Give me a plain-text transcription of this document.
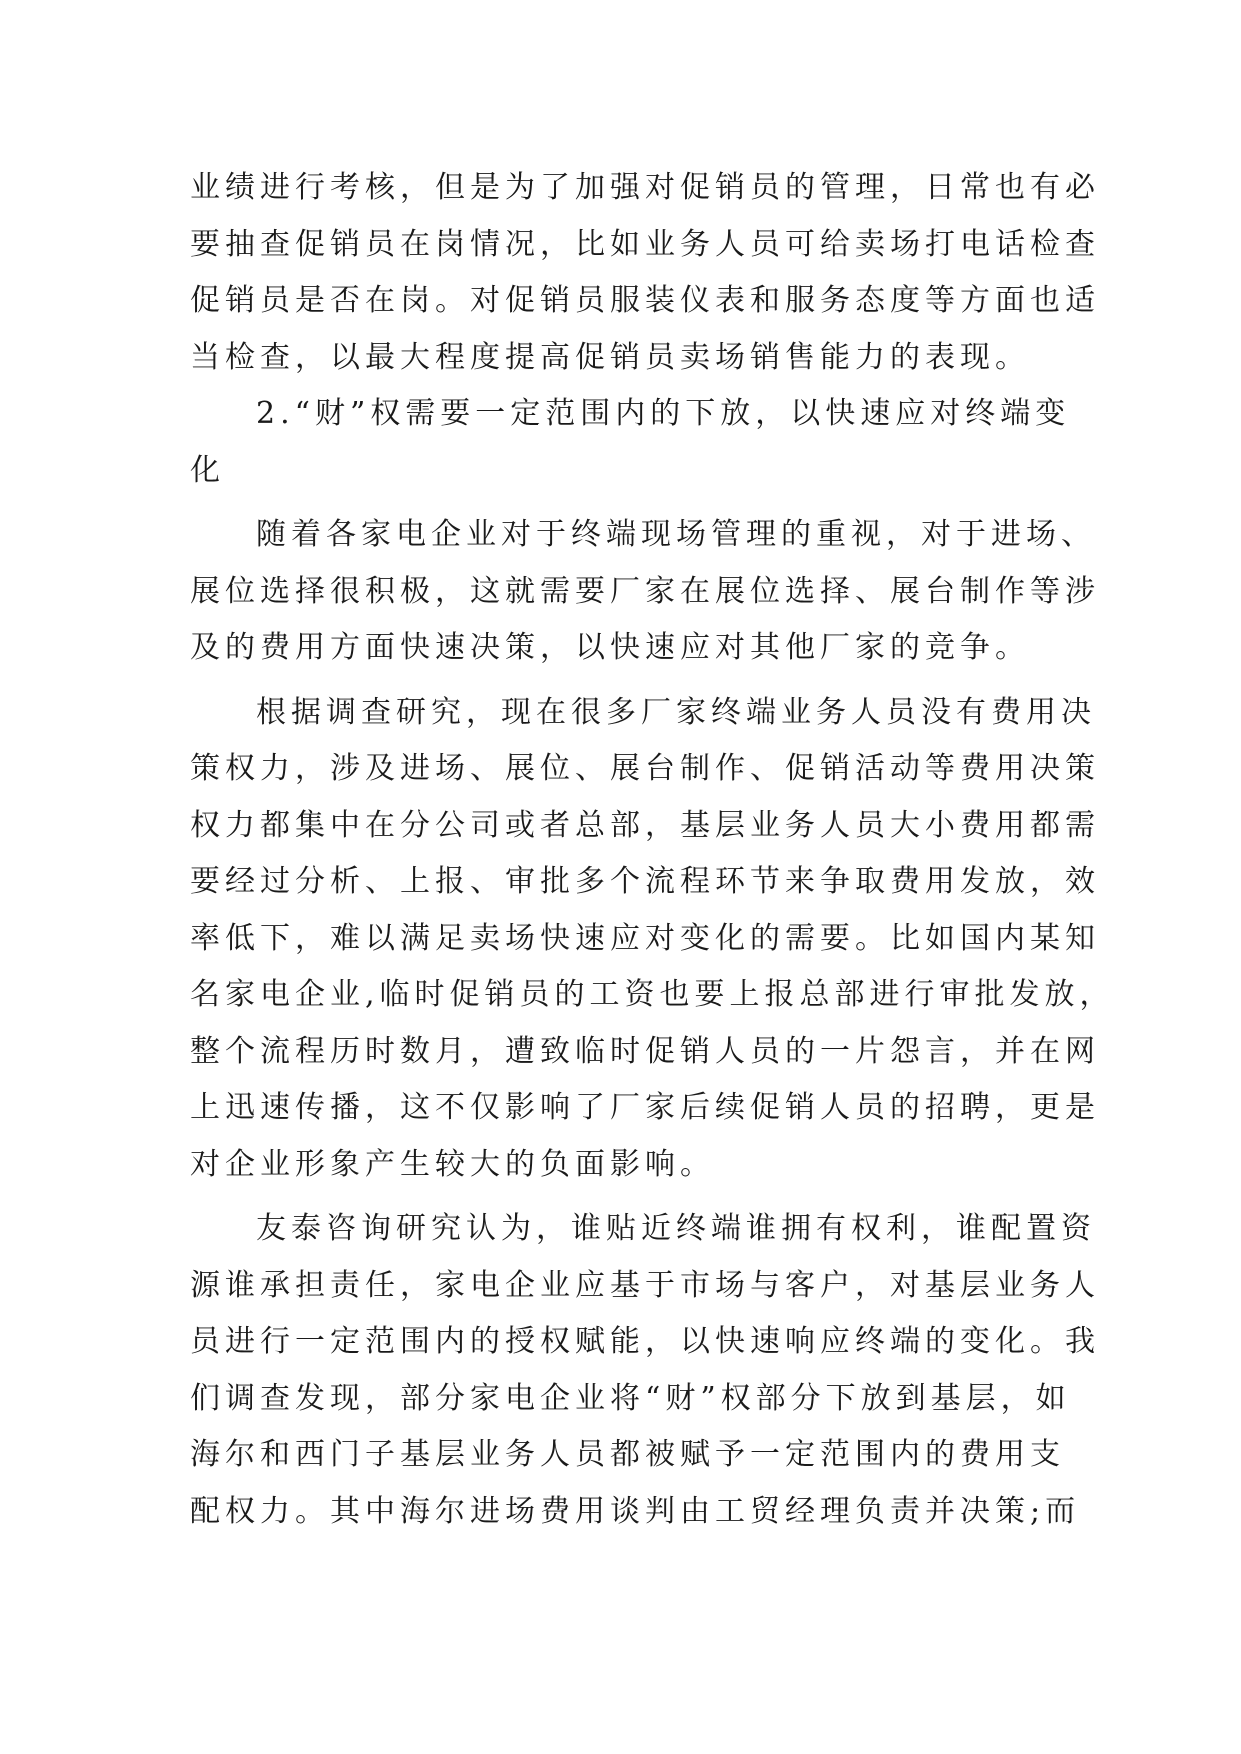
业绩进行考核，但是为了加强对促销员的管理，日常也有必
要抽查促销员在岗情况，比如业务人员可给卖场打电话检查
促销员是否在岗。对促销员服装仪表和服务态度等方面也适
当检查，以最大程度提高促销员卖场销售能力的表现。
2.“财”权需要一定范围内的下放，以快速应对终端变
化
随着各家电企业对于终端现场管理的重视，对于进场、
展位选择很积极，这就需要厂家在展位选择、展台制作等涉
及的费用方面快速决策，以快速应对其他厂家的竞争。
根据调查研究，现在很多厂家终端业务人员没有费用决
策权力，涉及进场、展位、展台制作、促销活动等费用决策
权力都集中在分公司或者总部，基层业务人员大小费用都需
要经过分析、上报、审批多个流程环节来争取费用发放，效
率低下，难以满足卖场快速应对变化的需要。比如国内某知
名家电企业,临时促销员的工资也要上报总部进行审批发放，
整个流程历时数月，遭致临时促销人员的一片怨言，并在网
上迅速传播，这不仅影响了厂家后续促销人员的招聘，更是
对企业形象产生较大的负面影响。
友泰咨询研究认为，谁贴近终端谁拥有权利，谁配置资
源谁承担责任，家电企业应基于市场与客户，对基层业务人
员进行一定范围内的授权赋能，以快速响应终端的变化。我
们调查发现，部分家电企业将“财”权部分下放到基层，如
海尔和西门子基层业务人员都被赋予一定范围内的费用支
配权力。其中海尔进场费用谈判由工贸经理负责并决策;而
